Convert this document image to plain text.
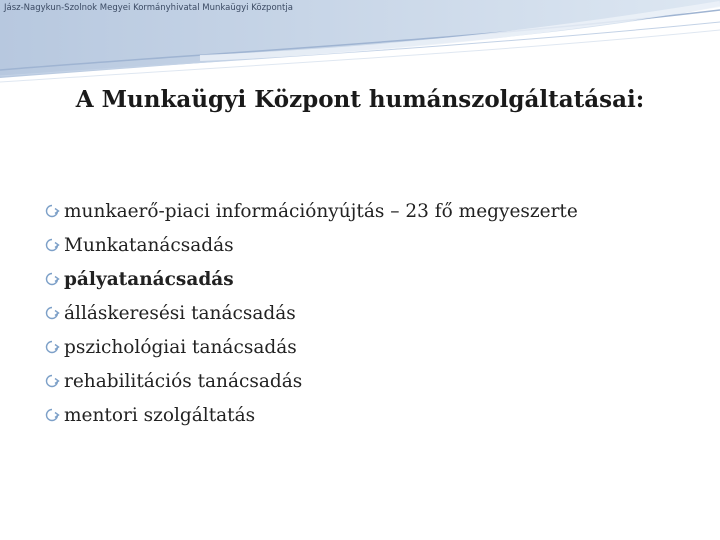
Jász-Nagykun-Szolnok Megyei Kormányhivatal Munkaügyi Központja
A Munkaügyi Központ humánszolgáltatásai:
munkaerő-piaci információnyújtás – 23 fő megyeszerte
Munkatanácsadás
pályatanácsadás
álláskeresési tanácsadás
pszichológiai tanácsadás
rehabilitációs tanácsadás
mentori szolgáltatás
